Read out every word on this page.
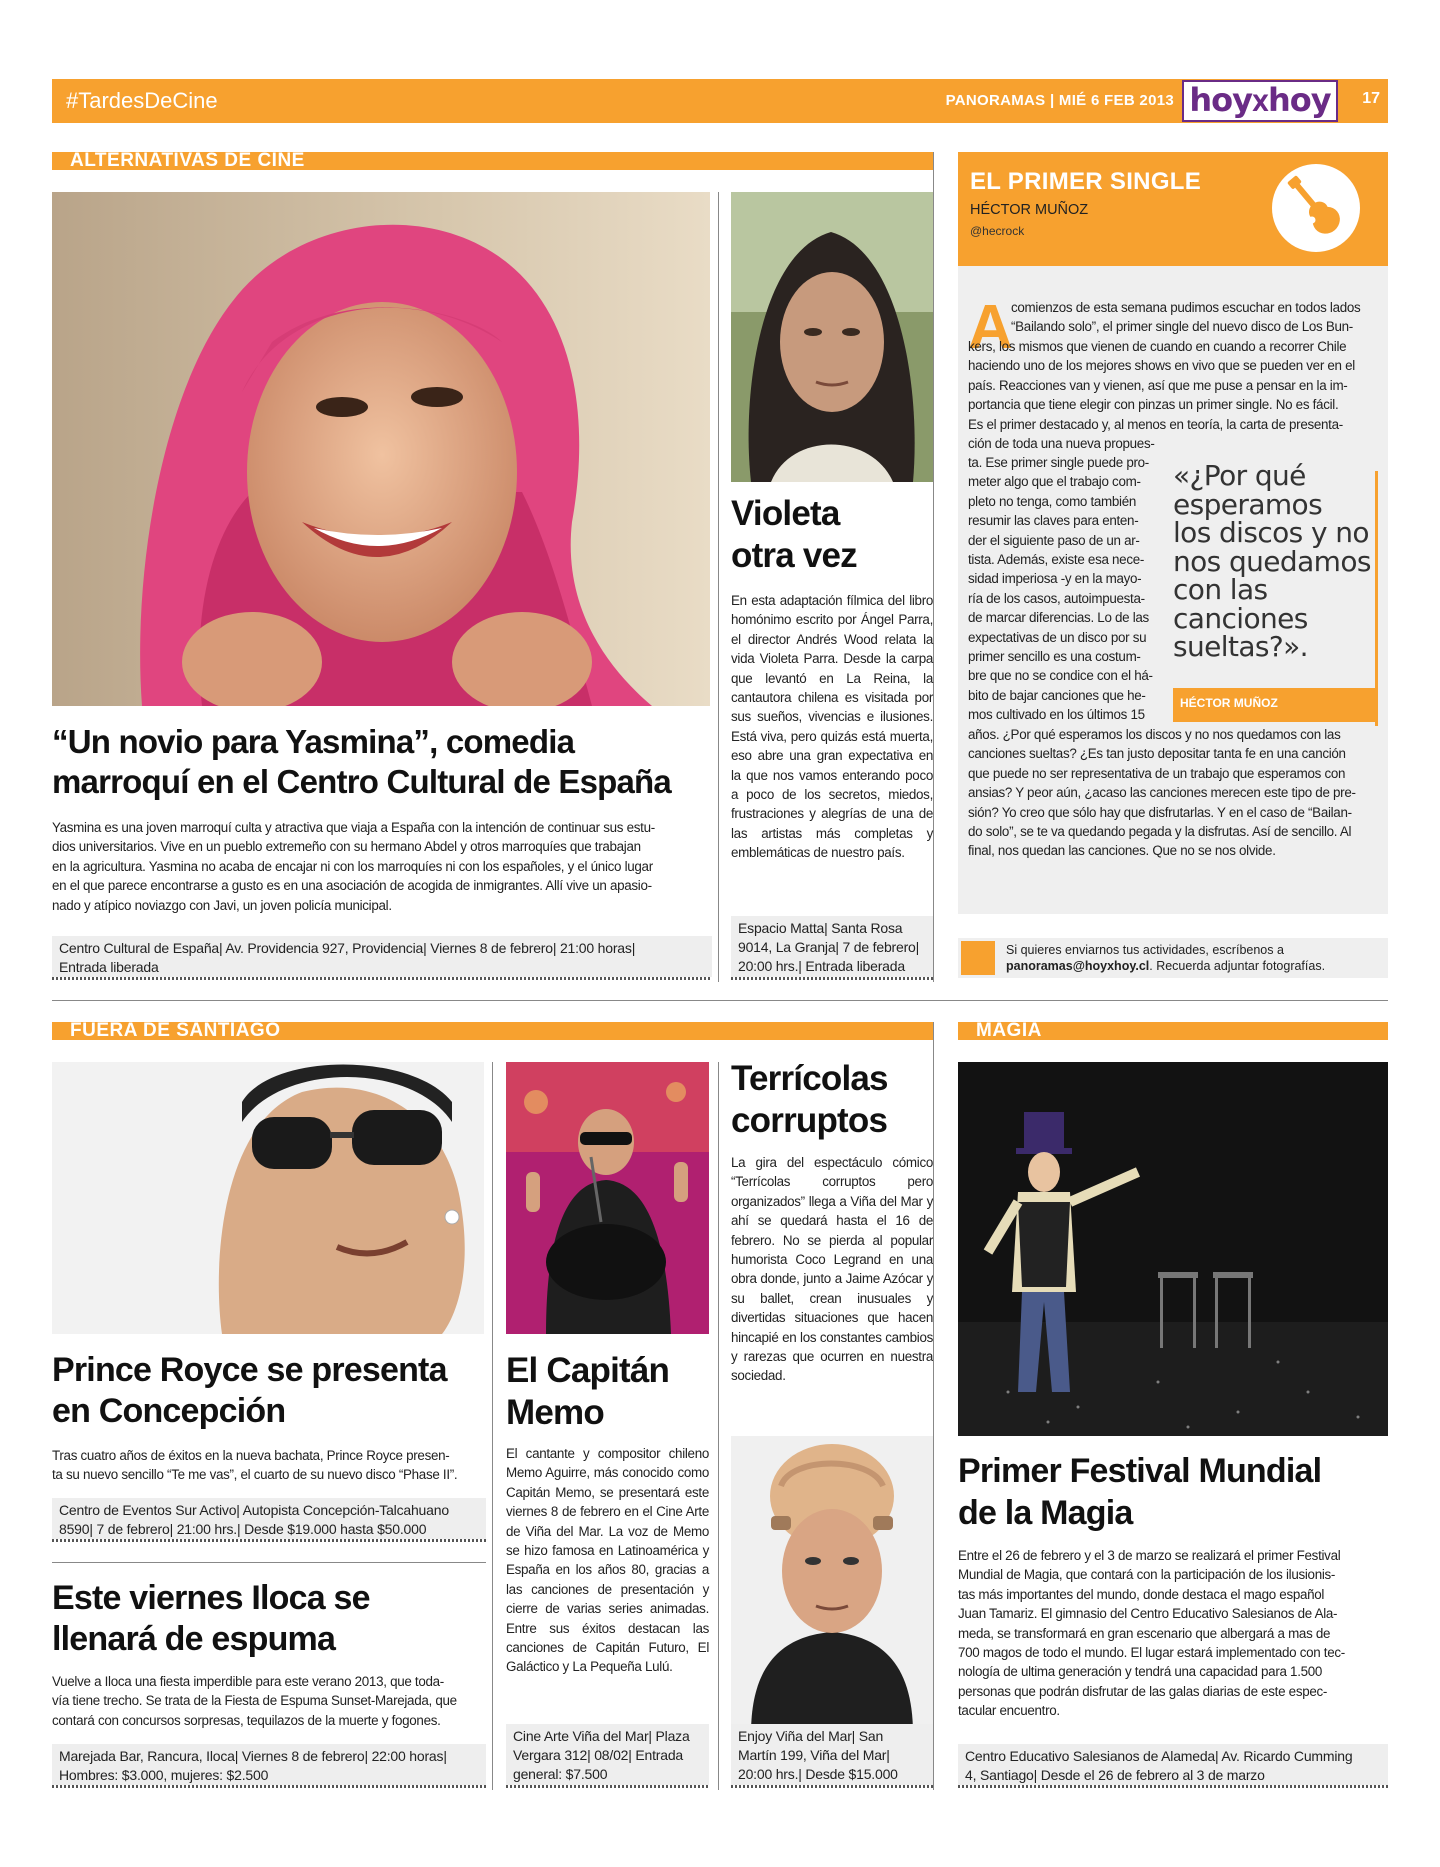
#TardesDeCine	PANORAMAS | MIÉ 6 FEB 2013 hoyXhoy	17
ALTERNATIVAS DE CINE
“Un novio para Yasmina”, comedia
marroquí en el Centro Cultural de España
Yasmina es una joven marroquí culta y atractiva que viaja a España con la intención de continuar sus estu-
dios universitarios. Vive en un pueblo extremeño con su hermano Abdel y otros marroquíes que trabajan
en la agricultura. Yasmina no acaba de encajar ni con los marroquíes ni con los españoles, y el único lugar
en el que parece encontrarse a gusto es en una asociación de acogida de inmigrantes. Allí vive un apasio-
nado y atípico noviazgo con Javi, un joven policía municipal.
Centro Cultural de España| Av. Providencia 927, Providencia| Viernes 8 de febrero| 21:00 horas|
Entrada liberada
Violeta
otra vez
En esta adaptación fílmica del libro homónimo escrito por Ángel Parra, el director Andrés Wood relata la vida Violeta Parra. Desde la carpa que levantó en La Reina, la cantautora chilena es visitada por sus sueños, vivencias e ilusiones. Está viva, pero quizás está muerta, eso abre una gran expectativa en la que nos vamos enterando poco a poco de los secretos, miedos, frustraciones y alegrías de una de las artistas más completas y emblemáticas de nuestro país.
Espacio Matta| Santa Rosa
9014, La Granja| 7 de febrero|
20:00 hrs.| Entrada liberada
EL PRIMER SINGLE
HÉCTOR MUÑOZ
@hecrock
A
comienzos de esta semana pudimos escuchar en todos lados
“Bailando solo”, el primer single del nuevo disco de Los Bun-
kers, los mismos que vienen de cuando en cuando a recorrer Chile
haciendo uno de los mejores shows en vivo que se pueden ver en el
país. Reacciones van y vienen, así que me puse a pensar en la im-
portancia que tiene elegir con pinzas un primer single. No es fácil.
Es el primer destacado y, al menos en teoría, la carta de presenta-
ción de toda una nueva propues-
ta. Ese primer single puede pro-
meter algo que el trabajo com-
pleto no tenga, como también
resumir las claves para enten-
der el siguiente paso de un ar-
tista. Además, existe esa nece-
sidad imperiosa -y en la mayo-
ría de los casos, autoimpuesta-
de marcar diferencias. Lo de las
expectativas de un disco por su
primer sencillo es una costum-
bre que no se condice con el há-
bito de bajar canciones que he-
mos cultivado en los últimos 15
«¿Por qué
esperamos
los discos y no
nos quedamos
con las
canciones
sueltas?».
HÉCTOR MUÑOZ
años. ¿Por qué esperamos los discos y no nos quedamos con las
canciones sueltas? ¿Es tan justo depositar tanta fe en una canción
que puede no ser representativa de un trabajo que esperamos con
ansias? Y peor aún, ¿acaso las canciones merecen este tipo de pre-
sión? Yo creo que sólo hay que disfrutarlas. Y en el caso de “Bailan-
do solo”, se te va quedando pegada y la disfrutas. Así de sencillo. Al
final, nos quedan las canciones. Que no se nos olvide.
Si quieres enviarnos tus actividades, escríbenos a
panoramas@hoyxhoy.cl. Recuerda adjuntar fotografías.
FUERA DE SANTIAGO	MAGIA
Prince Royce se presenta
en Concepción
Tras cuatro años de éxitos en la nueva bachata, Prince Royce presen-
ta su nuevo sencillo “Te me vas”, el cuarto de su nuevo disco “Phase II”.
Centro de Eventos Sur Activo| Autopista Concepción-Talcahuano
8590| 7 de febrero| 21:00 hrs.| Desde $19.000 hasta $50.000
Este viernes Iloca se
llenará de espuma
Vuelve a Iloca una fiesta imperdible para este verano 2013, que toda-
vía tiene trecho. Se trata de la Fiesta de Espuma Sunset-Marejada, que
contará con concursos sorpresas, tequilazos de la muerte y fogones.
Marejada Bar, Rancura, Iloca| Viernes 8 de febrero| 22:00 horas|
Hombres: $3.000, mujeres: $2.500
El Capitán
Memo
El cantante y compositor chileno Memo Aguirre, más conocido como Capitán Memo, se presentará este viernes 8 de febrero en el Cine Arte de Viña del Mar. La voz de Memo se hizo famosa en Latinoamérica y España en los años 80, gracias a las canciones de presentación y cierre de varias series animadas. Entre sus éxitos destacan las canciones de Capitán Futuro, El Galáctico y La Pequeña Lulú.
Cine Arte Viña del Mar| Plaza
Vergara 312| 08/02| Entrada
general: $7.500
Terrícolas
corruptos
La gira del espectáculo cómico “Terrícolas corruptos pero organizados” llega a Viña del Mar y ahí se quedará hasta el 16 de febrero. No se pierda al popular humorista Coco Legrand en una obra donde, junto a Jaime Azócar y su ballet, crean inusuales y divertidas situaciones que hacen hincapié en los constantes cambios y rarezas que ocurren en nuestra sociedad.
Enjoy Viña del Mar| San
Martín 199, Viña del Mar|
20:00 hrs.| Desde $15.000
Primer Festival Mundial
de la Magia
Entre el 26 de febrero y el 3 de marzo se realizará el primer Festival
Mundial de Magia, que contará con la participación de los ilusionis-
tas más importantes del mundo, donde destaca el mago español
Juan Tamariz. El gimnasio del Centro Educativo Salesianos de Ala-
meda, se transformará en gran escenario que albergará a mas de
700 magos de todo el mundo. El lugar estará implementado con tec-
nología de ultima generación y tendrá una capacidad para 1.500
personas que podrán disfrutar de las galas diarias de este espec-
tacular encuentro.
Centro Educativo Salesianos de Alameda| Av. Ricardo Cumming
4, Santiago| Desde el 26 de febrero al 3 de marzo
